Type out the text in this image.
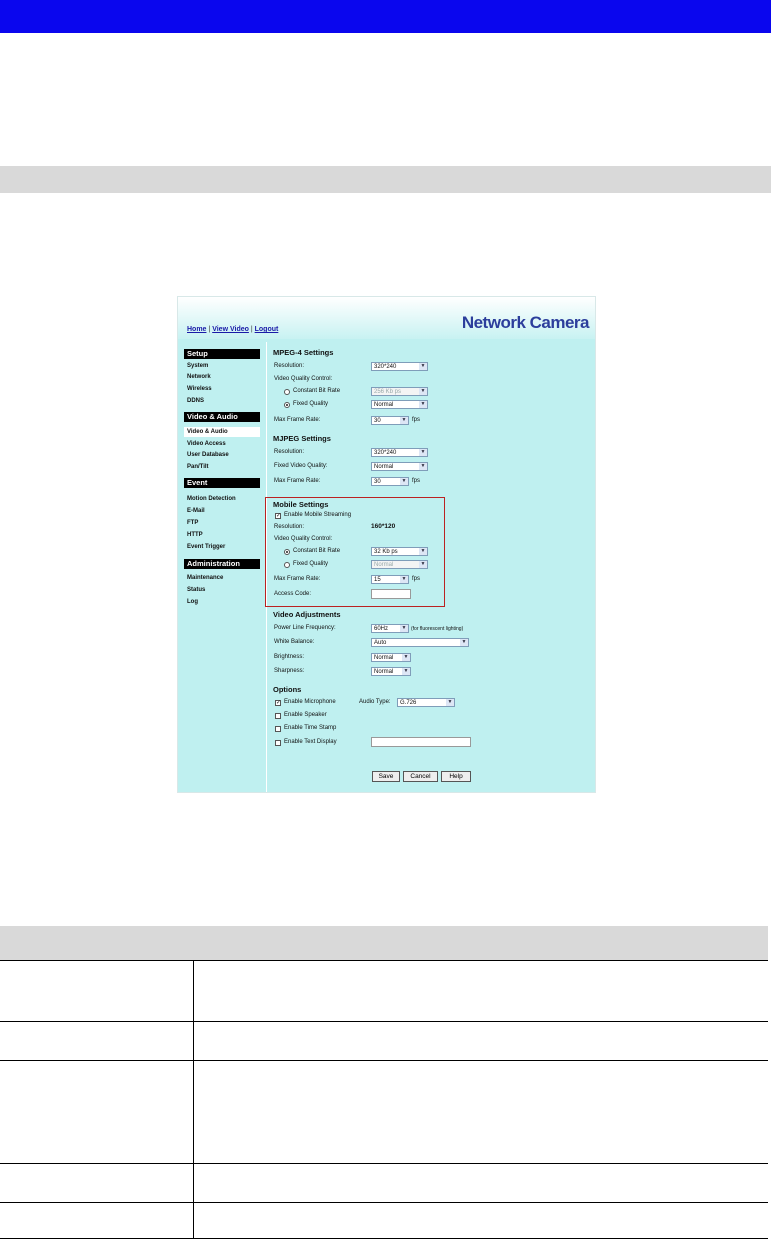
Home | View Video | Logout	Network Camera
Setup
System
Network
Wireless
DDNS
Video & Audio
Video & Audio
Video Access
User Database
Pan/Tilt
Event
Motion Detection
E-Mail
FTP
HTTP
Event Trigger
Administration
Maintenance
Status
Log
MPEG-4 Settings
Resolution:	320*240	▼
Video Quality Control:
Constant Bit Rate	256 Kb ps	▼
Fixed Quality	Normal	▼
Max Frame Rate:	30	▼ fps
MJPEG Settings
Resolution:	320*240	▼
Fixed Video Quality:	Normal	▼
Max Frame Rate:	30	▼ fps
Mobile Settings
✓ Enable Mobile Streaming
Resolution:	160*120
Video Quality Control:
Constant Bit Rate	32 Kb ps	▼
Fixed Quality	Normal	▼
Max Frame Rate:	15	▼ fps
Access Code:
Video Adjustments
Power Line Frequency:	60Hz	▼ (for fluorescent lighting)
White Balance:	Auto	▼
Brightness:	Normal	▼
Sharpness:	Normal	▼
Options
✓ Enable Microphone	Audio Type:	G.726	▼
Enable Speaker
Enable Time Stamp
Enable Text Display
Save	Cancel	Help
